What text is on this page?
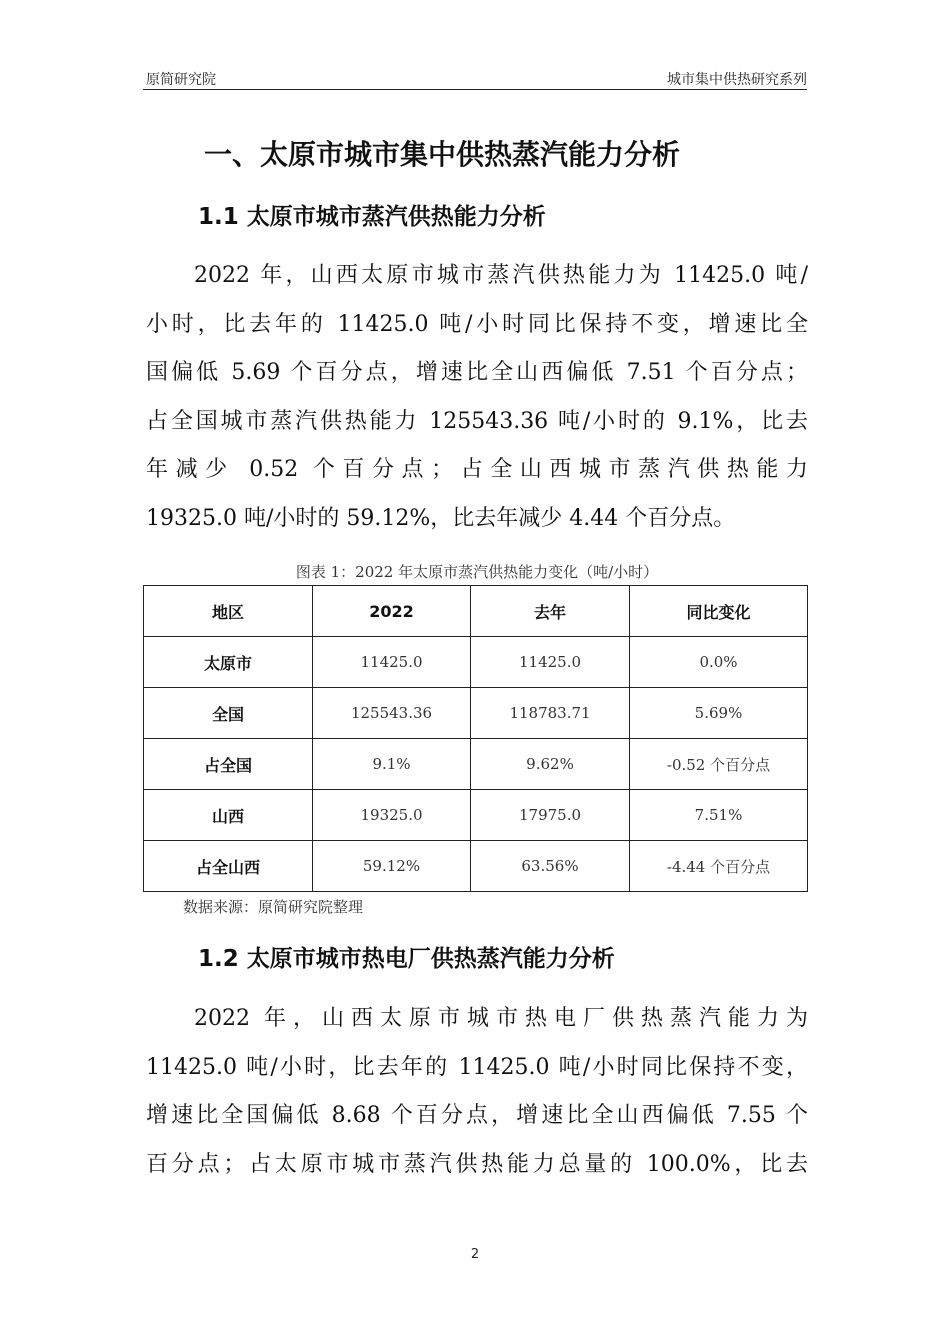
原简研究院	城市集中供热研究系列
一、太原市城市集中供热蒸汽能力分析
1.1 太原市城市蒸汽供热能力分析
2022 年，山西太原市城市蒸汽供热能力为 11425.0 吨/
小时，比去年的 11425.0 吨/小时同比保持不变，增速比全
国偏低 5.69 个百分点，增速比全山西偏低 7.51 个百分点；
占全国城市蒸汽供热能力 125543.36 吨/小时的 9.1%，比去
年减少 0.52 个百分点；占全山西城市蒸汽供热能力
19325.0 吨/小时的 59.12%，比去年减少 4.44 个百分点。
图表 1：2022 年太原市蒸汽供热能力变化（吨/小时）
地区	2022	去年	同比变化
太原市	11425.0	11425.0	0.0%
全国	125543.36	118783.71	5.69%
占全国	9.1%	9.62%	-0.52 个百分点
山西	19325.0	17975.0	7.51%
占全山西	59.12%	63.56%	-4.44 个百分点
数据来源：原简研究院整理
1.2 太原市城市热电厂供热蒸汽能力分析
2022 年，山西太原市城市热电厂供热蒸汽能力为
11425.0 吨/小时，比去年的 11425.0 吨/小时同比保持不变，
增速比全国偏低 8.68 个百分点，增速比全山西偏低 7.55 个
百分点；占太原市城市蒸汽供热能力总量的 100.0%，比去
2
